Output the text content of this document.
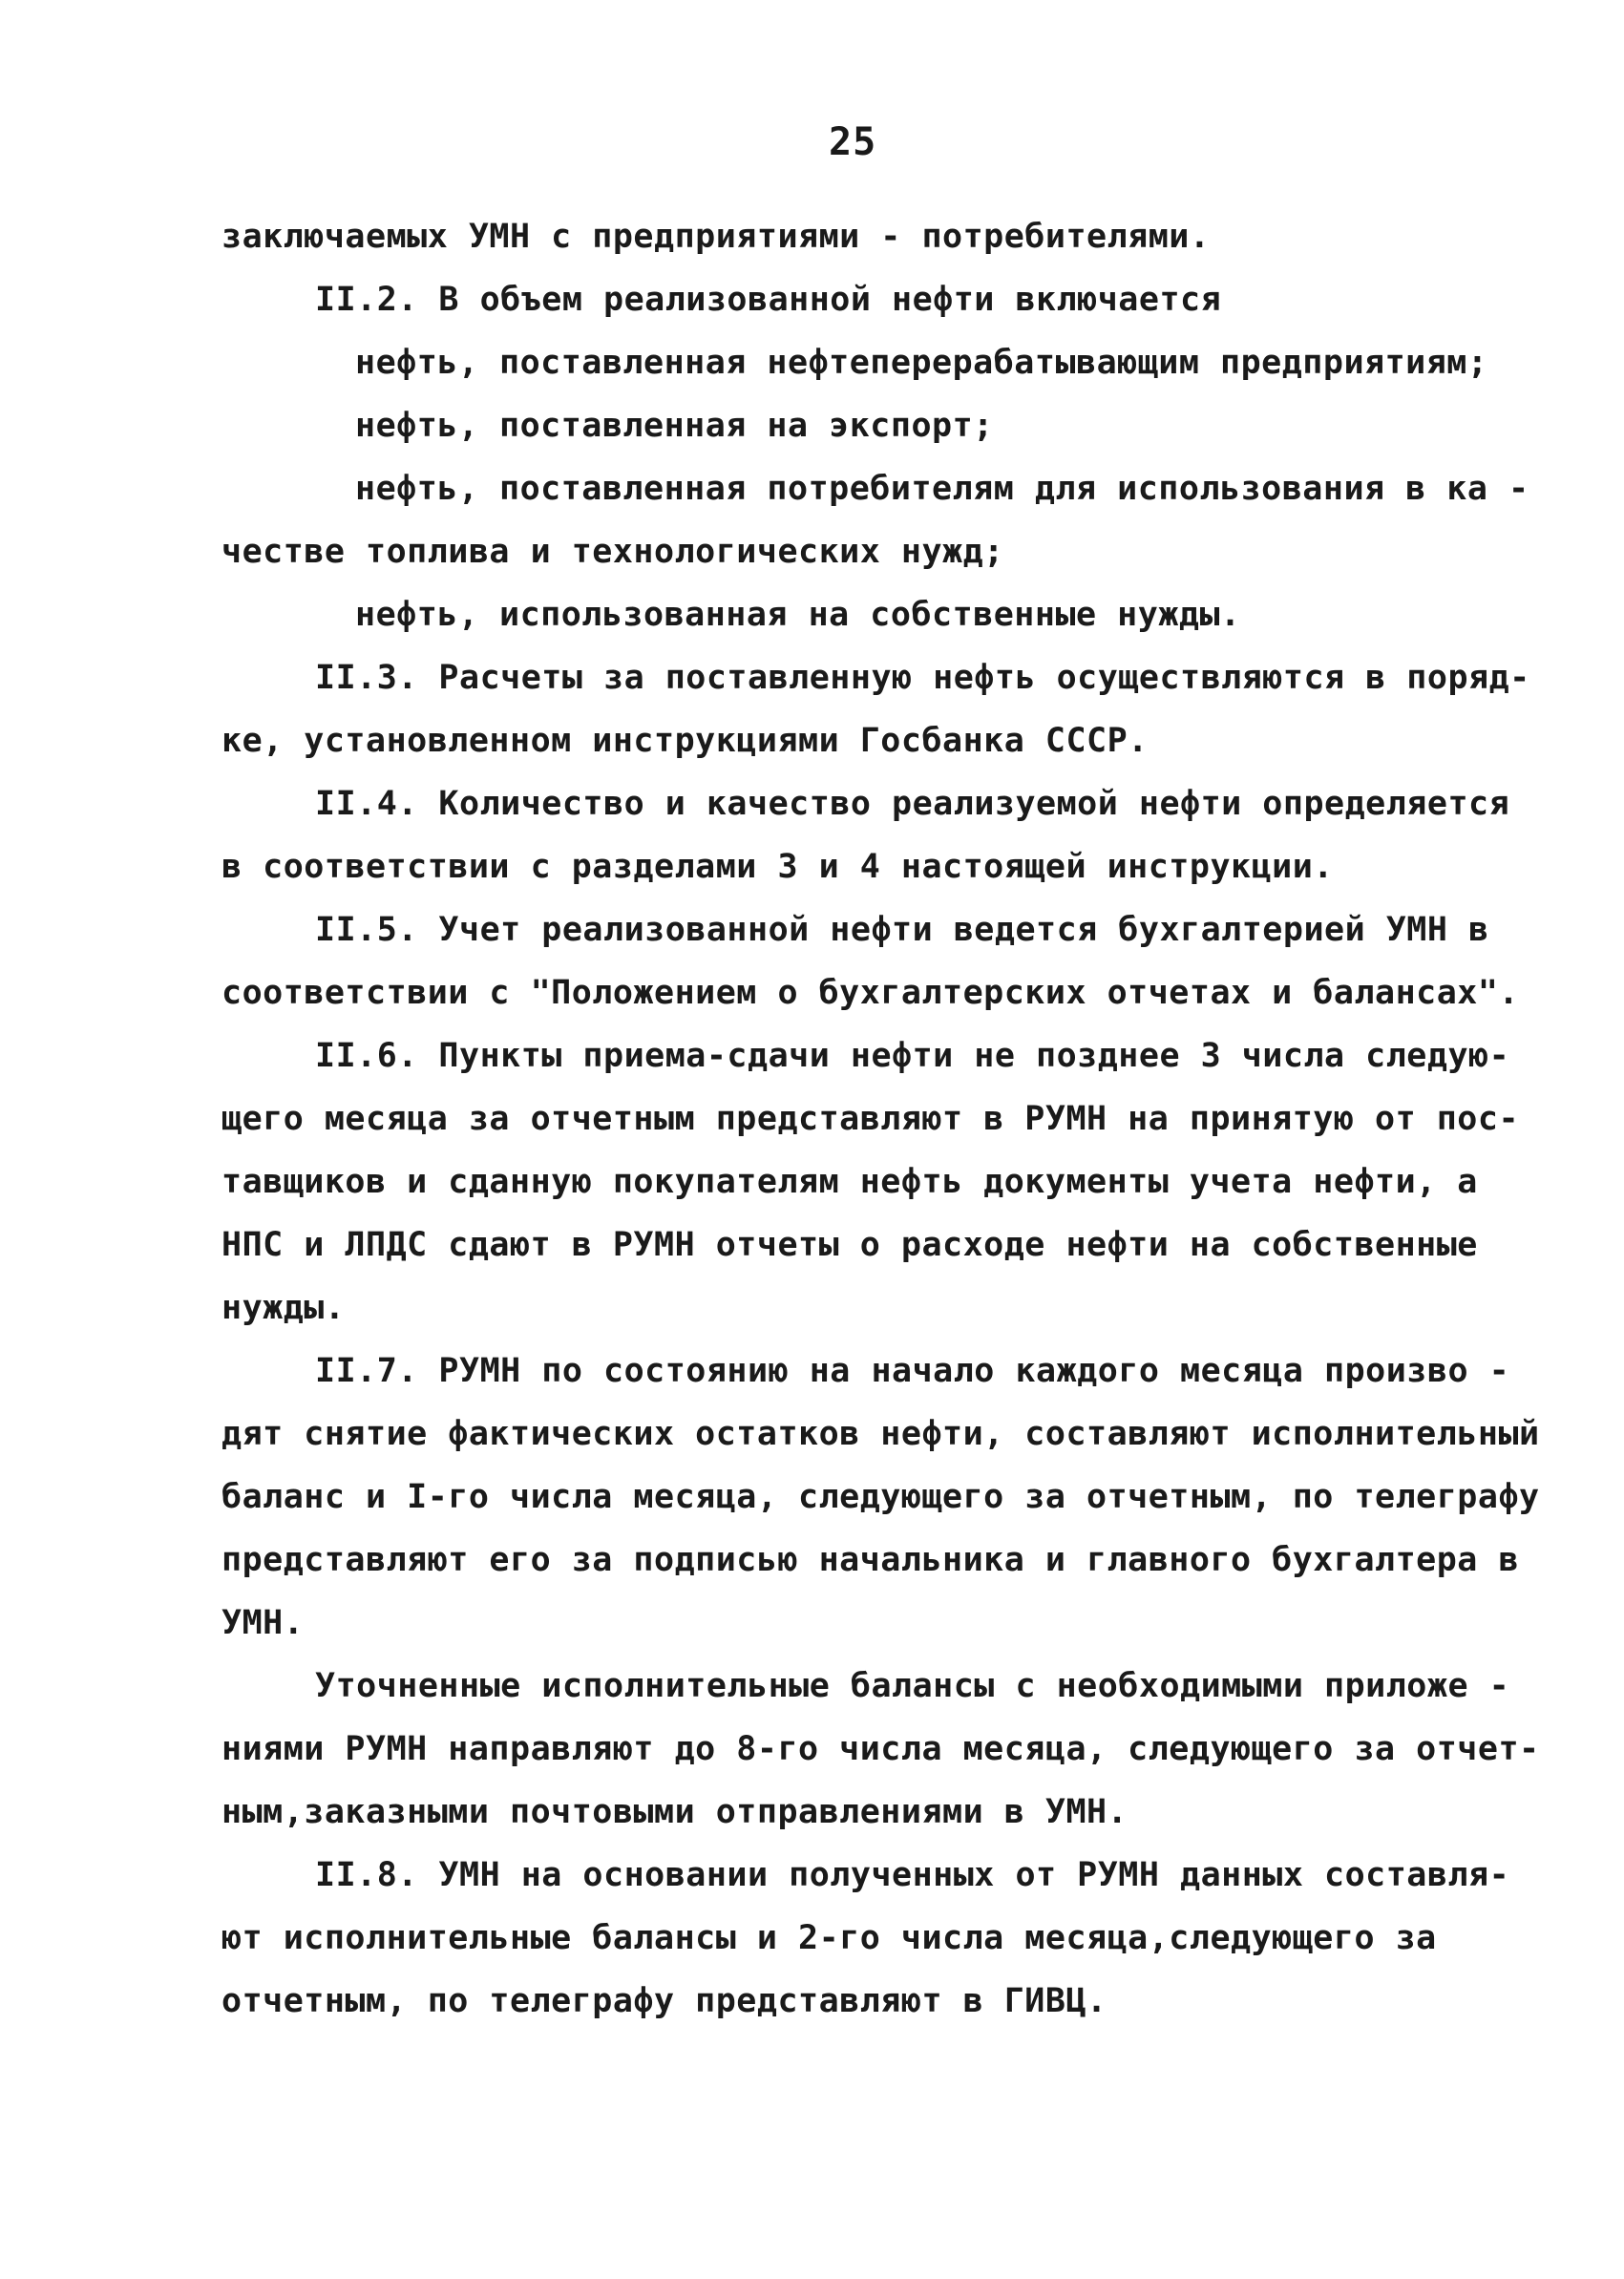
25
заключаемых УМН с предприятиями - потребителями.
II.2. В объем реализованной нефти включается
нефть, поставленная нефтеперерабатывающим предприятиям;
нефть, поставленная на экспорт;
нефть, поставленная потребителям для использования в ка -
честве топлива и технологических нужд;
нефть, использованная на собственные нужды.
II.3. Расчеты за поставленную нефть осуществляются в поряд-
ке, установленном инструкциями Госбанка СССР.
II.4. Количество и качество реализуемой нефти определяется
в соответствии с разделами 3 и 4 настоящей инструкции.
II.5. Учет реализованной нефти ведется бухгалтерией УМН в
соответствии с "Положением о бухгалтерских отчетах и балансах".
II.6. Пункты приема-сдачи нефти не позднее 3 числа следую-
щего месяца за отчетным представляют в РУМН на принятую от пос-
тавщиков и сданную покупателям нефть документы учета нефти, а
НПС и ЛПДС сдают в РУМН отчеты о расходе нефти на собственные
нужды.
II.7. РУМН по состоянию на начало каждого месяца произво -
дят снятие фактических остатков нефти, составляют исполнительный
баланс и I-го числа месяца, следующего за отчетным, по телеграфу
представляют его за подписью начальника и главного бухгалтера в
УМН.
Уточненные исполнительные балансы с необходимыми приложе -
ниями РУМН направляют до 8-го числа месяца, следующего за отчет-
ным,заказными почтовыми отправлениями в УМН.
II.8. УМН на основании полученных от РУМН данных составля-
ют исполнительные балансы и 2-го числа месяца,следующего за
отчетным, по телеграфу представляют в ГИВЦ.
